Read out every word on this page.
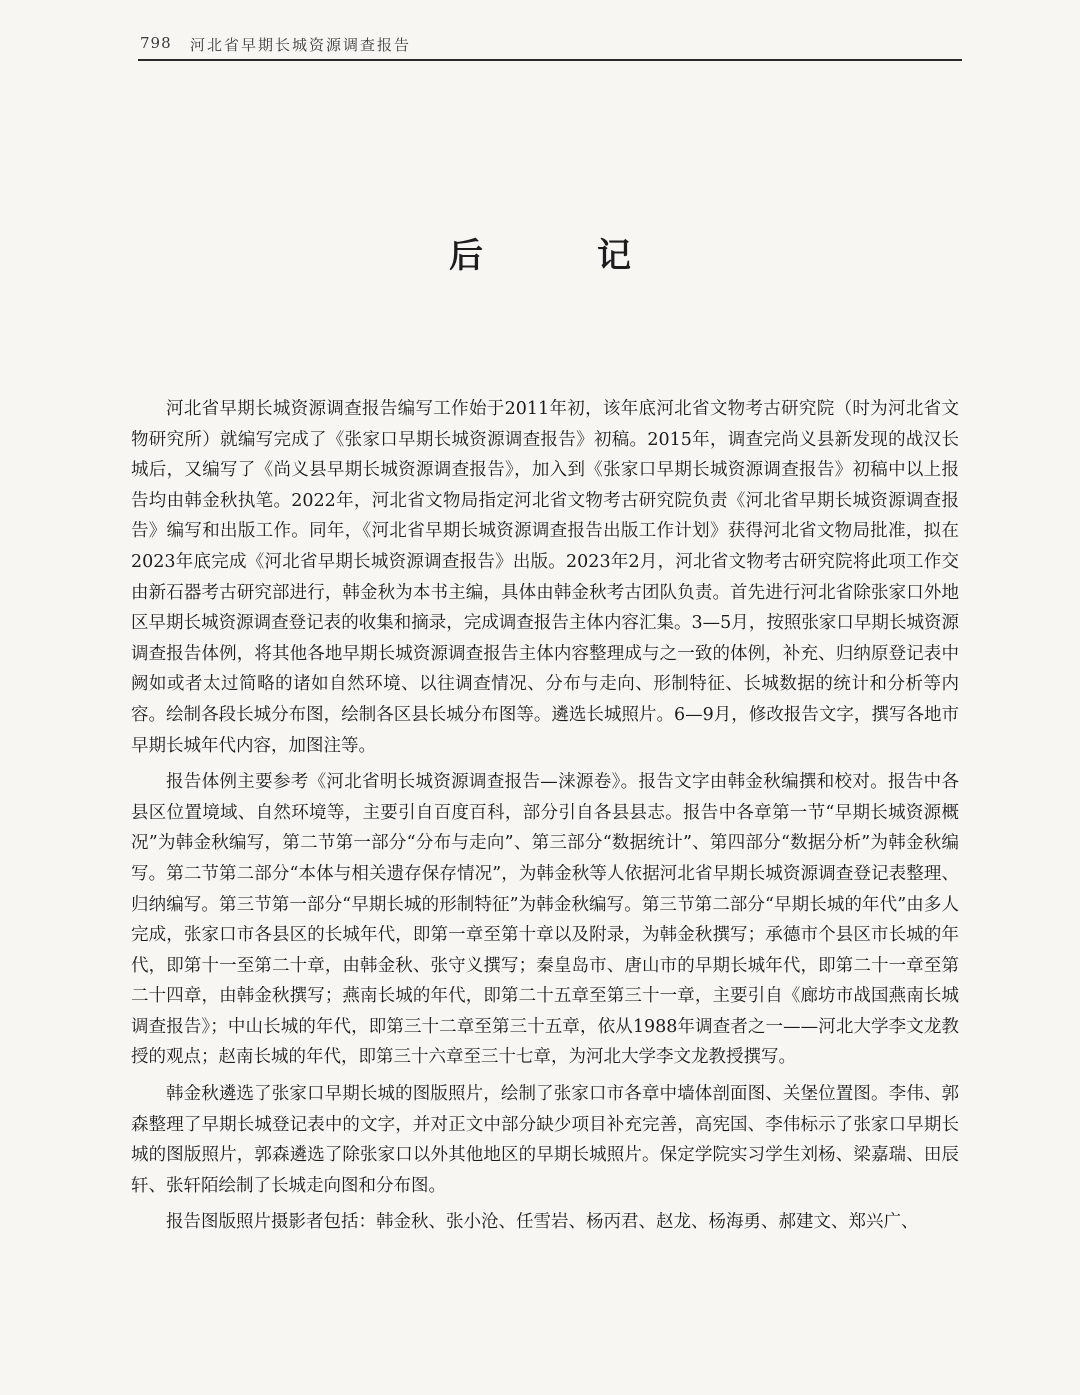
798 河北省早期长城资源调查报告
后　记

河北省早期长城资源调查报告编写工作始于2011年初，该年底河北省文物考古研究院（时为河北省文物研究所）就编写完成了《张家口早期长城资源调查报告》初稿。2015年，调查完尚义县新发现的战汉长城后，又编写了《尚义县早期长城资源调查报告》，加入到《张家口早期长城资源调查报告》初稿中以上报告均由韩金秋执笔。2022年，河北省文物局指定河北省文物考古研究院负责《河北省早期长城资源调查报告》编写和出版工作。同年，《河北省早期长城资源调查报告出版工作计划》获得河北省文物局批准，拟在2023年底完成《河北省早期长城资源调查报告》出版。2023年2月，河北省文物考古研究院将此项工作交由新石器考古研究部进行，韩金秋为本书主编，具体由韩金秋考古团队负责。首先进行河北省除张家口外地区早期长城资源调查登记表的收集和摘录，完成调查报告主体内容汇集。3—5月，按照张家口早期长城资源调查报告体例，将其他各地早期长城资源调查报告主体内容整理成与之一致的体例，补充、归纳原登记表中阙如或者太过简略的诸如自然环境、以往调查情况、分布与走向、形制特征、长城数据的统计和分析等内容。绘制各段长城分布图，绘制各区县长城分布图等。遴选长城照片。6—9月，修改报告文字，撰写各地市早期长城年代内容，加图注等。

报告体例主要参考《河北省明长城资源调查报告—涞源卷》。报告文字由韩金秋编撰和校对。报告中各县区位置境域、自然环境等，主要引自百度百科，部分引自各县县志。报告中各章第一节“早期长城资源概况”为韩金秋编写，第二节第一部分“分布与走向”、第三部分“数据统计”、第四部分“数据分析”为韩金秋编写。第二节第二部分“本体与相关遗存保存情况”，为韩金秋等人依据河北省早期长城资源调查登记表整理、归纳编写。第三节第一部分“早期长城的形制特征”为韩金秋编写。第三节第二部分“早期长城的年代”由多人完成，张家口市各县区的长城年代，即第一章至第十章以及附录，为韩金秋撰写；承德市个县区市长城的年代，即第十一至第二十章，由韩金秋、张守义撰写；秦皇岛市、唐山市的早期长城年代，即第二十一章至第二十四章，由韩金秋撰写；燕南长城的年代，即第二十五章至第三十一章，主要引自《廊坊市战国燕南长城调查报告》；中山长城的年代，即第三十二章至第三十五章，依从1988年调查者之一——河北大学李文龙教授的观点；赵南长城的年代，即第三十六章至三十七章，为河北大学李文龙教授撰写。

韩金秋遴选了张家口早期长城的图版照片，绘制了张家口市各章中墙体剖面图、关堡位置图。李伟、郭森整理了早期长城登记表中的文字，并对正文中部分缺少项目补充完善，高宪国、李伟标示了张家口早期长城的图版照片，郭森遴选了除张家口以外其他地区的早期长城照片。保定学院实习学生刘杨、梁嘉瑞、田辰轩、张轩陌绘制了长城走向图和分布图。

报告图版照片摄影者包括：韩金秋、张小沧、任雪岩、杨丙君、赵龙、杨海勇、郝建文、郑兴广、
